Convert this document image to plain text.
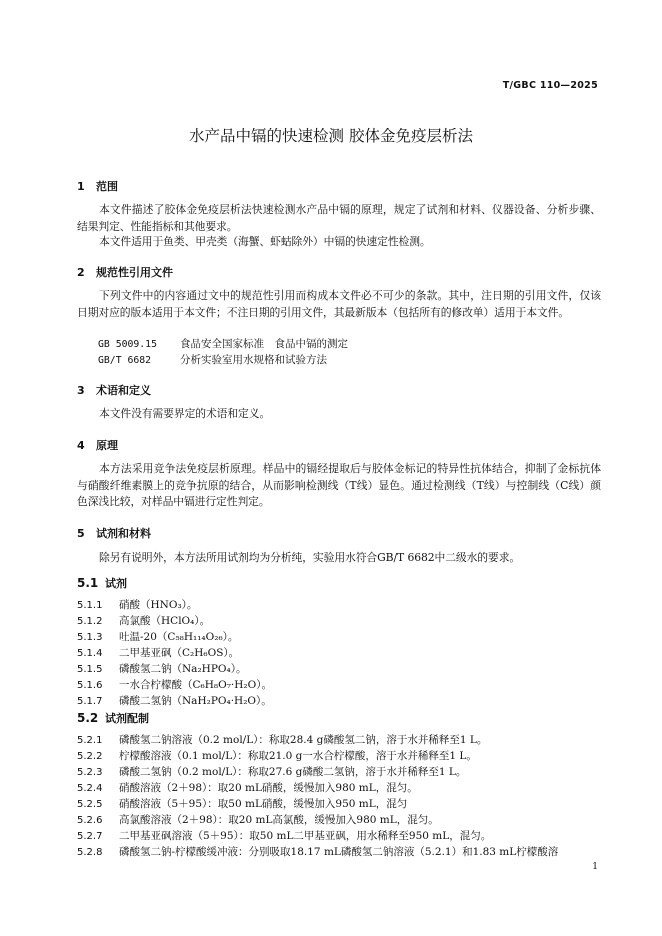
T/GBC 110—2025
水产品中镉的快速检测 胶体金免疫层析法
1 范围

本文件描述了胶体金免疫层析法快速检测水产品中镉的原理，规定了试剂和材料、仪器设备、分析步骤、结果判定、性能指标和其他要求。

本文件适用于鱼类、甲壳类（海蟹、虾蛄除外）中镉的快速定性检测。

2 规范性引用文件

下列文件中的内容通过文中的规范性引用而构成本文件必不可少的条款。其中，注日期的引用文件，仅该日期对应的版本适用于本文件；不注日期的引用文件，其最新版本（包括所有的修改单）适用于本文件。

GB 5009.15 食品安全国家标准　食品中镉的测定
GB/T 6682	分析实验室用水规格和试验方法
3 术语和定义

本文件没有需要界定的术语和定义。

4 原理

本方法采用竞争法免疫层析原理。样品中的镉经提取后与胶体金标记的特异性抗体结合，抑制了金标抗体与硝酸纤维素膜上的竞争抗原的结合，从而影响检测线（T线）显色。通过检测线（T线）与控制线（C线）颜色深浅比较，对样品中镉进行定性判定。

5 试剂和材料

除另有说明外，本方法所用试剂均为分析纯，实验用水符合GB/T 6682中二级水的要求。

5.1 试剂
5.1.1 硝酸（HNO₃）。
5.1.2 高氯酸（HClO₄）。
5.1.3 吐温-20（C₅₈H₁₁₄O₂₆）。
5.1.4 二甲基亚砜（C₂H₆OS）。
5.1.5 磷酸氢二钠（Na₂HPO₄）。
5.1.6 一水合柠檬酸（C₆H₈O₇·H₂O）。
5.1.7 磷酸二氢钠（NaH₂PO₄·H₂O）。
5.2 试剂配制
5.2.1 磷酸氢二钠溶液（0.2 mol/L）：称取28.4 g磷酸氢二钠，溶于水并稀释至1 L。
5.2.2 柠檬酸溶液（0.1 mol/L）：称取21.0 g一水合柠檬酸，溶于水并稀释至1 L。
5.2.3 磷酸二氢钠（0.2 mol/L）：称取27.6 g磷酸二氢钠，溶于水并稀释至1 L。
5.2.4 硝酸溶液（2＋98）：取20 mL硝酸，缓慢加入980 mL，混匀。
5.2.5 硝酸溶液（5＋95）：取50 mL硝酸，缓慢加入950 mL，混匀
5.2.6 高氯酸溶液（2＋98）：取20 mL高氯酸，缓慢加入980 mL，混匀。
5.2.7 二甲基亚砜溶液（5＋95）：取50 mL二甲基亚砜，用水稀释至950 mL，混匀。
5.2.8 磷酸氢二钠-柠檬酸缓冲液：分别吸取18.17 mL磷酸氢二钠溶液（5.2.1）和1.83 mL柠檬酸溶
1
